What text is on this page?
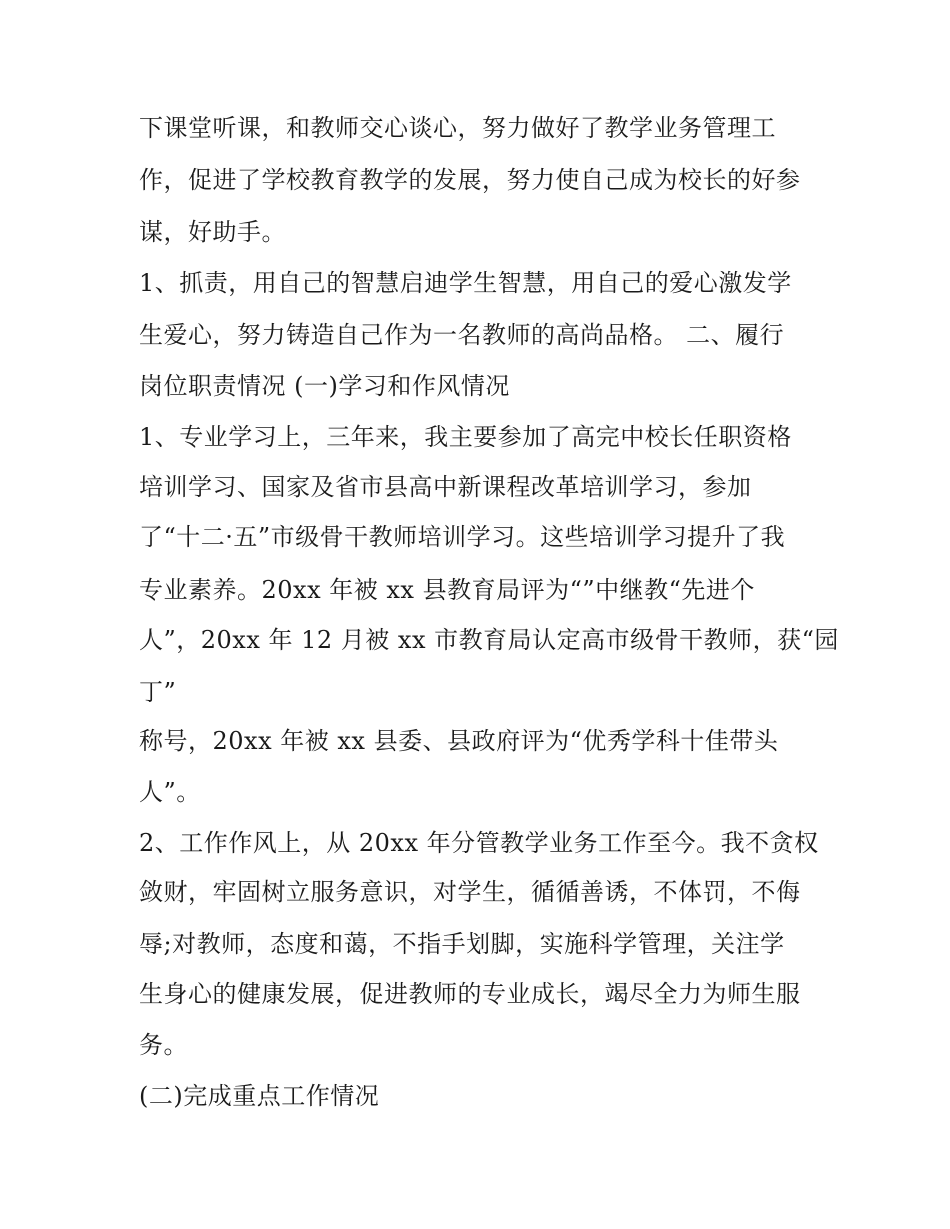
下课堂听课，和教师交心谈心，努力做好了教学业务管理工
作，促进了学校教育教学的发展，努力使自己成为校长的好参
谋，好助手。
1、抓责，用自己的智慧启迪学生智慧，用自己的爱心激发学
生爱心，努力铸造自己作为一名教师的高尚品格。 二、履行
岗位职责情况 (一)学习和作风情况
1、专业学习上，三年来，我主要参加了高完中校长任职资格
培训学习、国家及省市县高中新课程改革培训学习，参加
了“十二·五”市级骨干教师培训学习。这些培训学习提升了我
专业素养。20xx 年被 xx 县教育局评为“”中继教“先进个
人”，20xx 年 12 月被 xx 市教育局认定高市级骨干教师，获“园
丁”
称号，20xx 年被 xx 县委、县政府评为“优秀学科十佳带头
人”。
2、工作作风上，从 20xx 年分管教学业务工作至今。我不贪权
敛财，牢固树立服务意识，对学生，循循善诱，不体罚，不侮
辱;对教师，态度和蔼，不指手划脚，实施科学管理，关注学
生身心的健康发展，促进教师的专业成长，竭尽全力为师生服
务。
(二)完成重点工作情况
